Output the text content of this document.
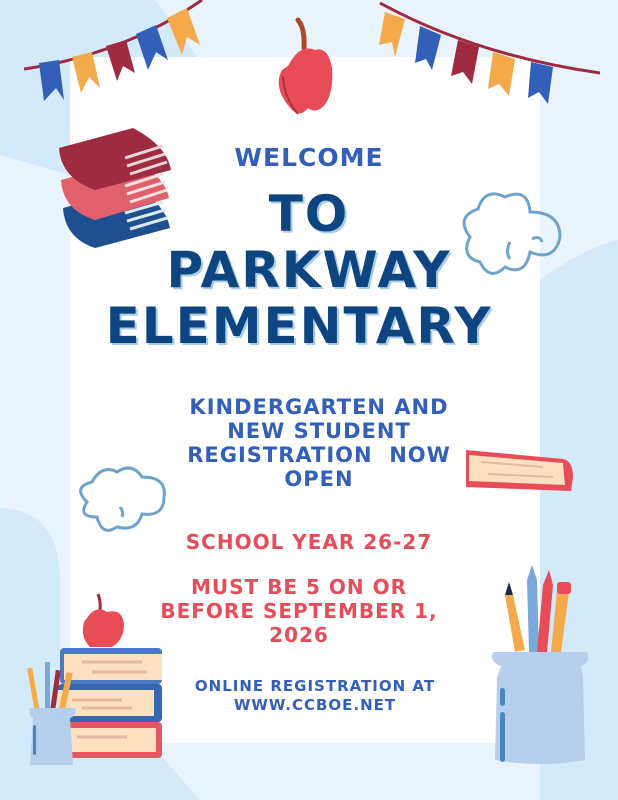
WELCOME
TO
PARKWAY
ELEMENTARY
KINDERGARTEN AND
NEW STUDENT
REGISTRATION  NOW
OPEN
SCHOOL YEAR 26-27
MUST BE 5 ON OR
BEFORE SEPTEMBER 1,
2026
ONLINE REGISTRATION AT
WWW.CCBOE.NET
